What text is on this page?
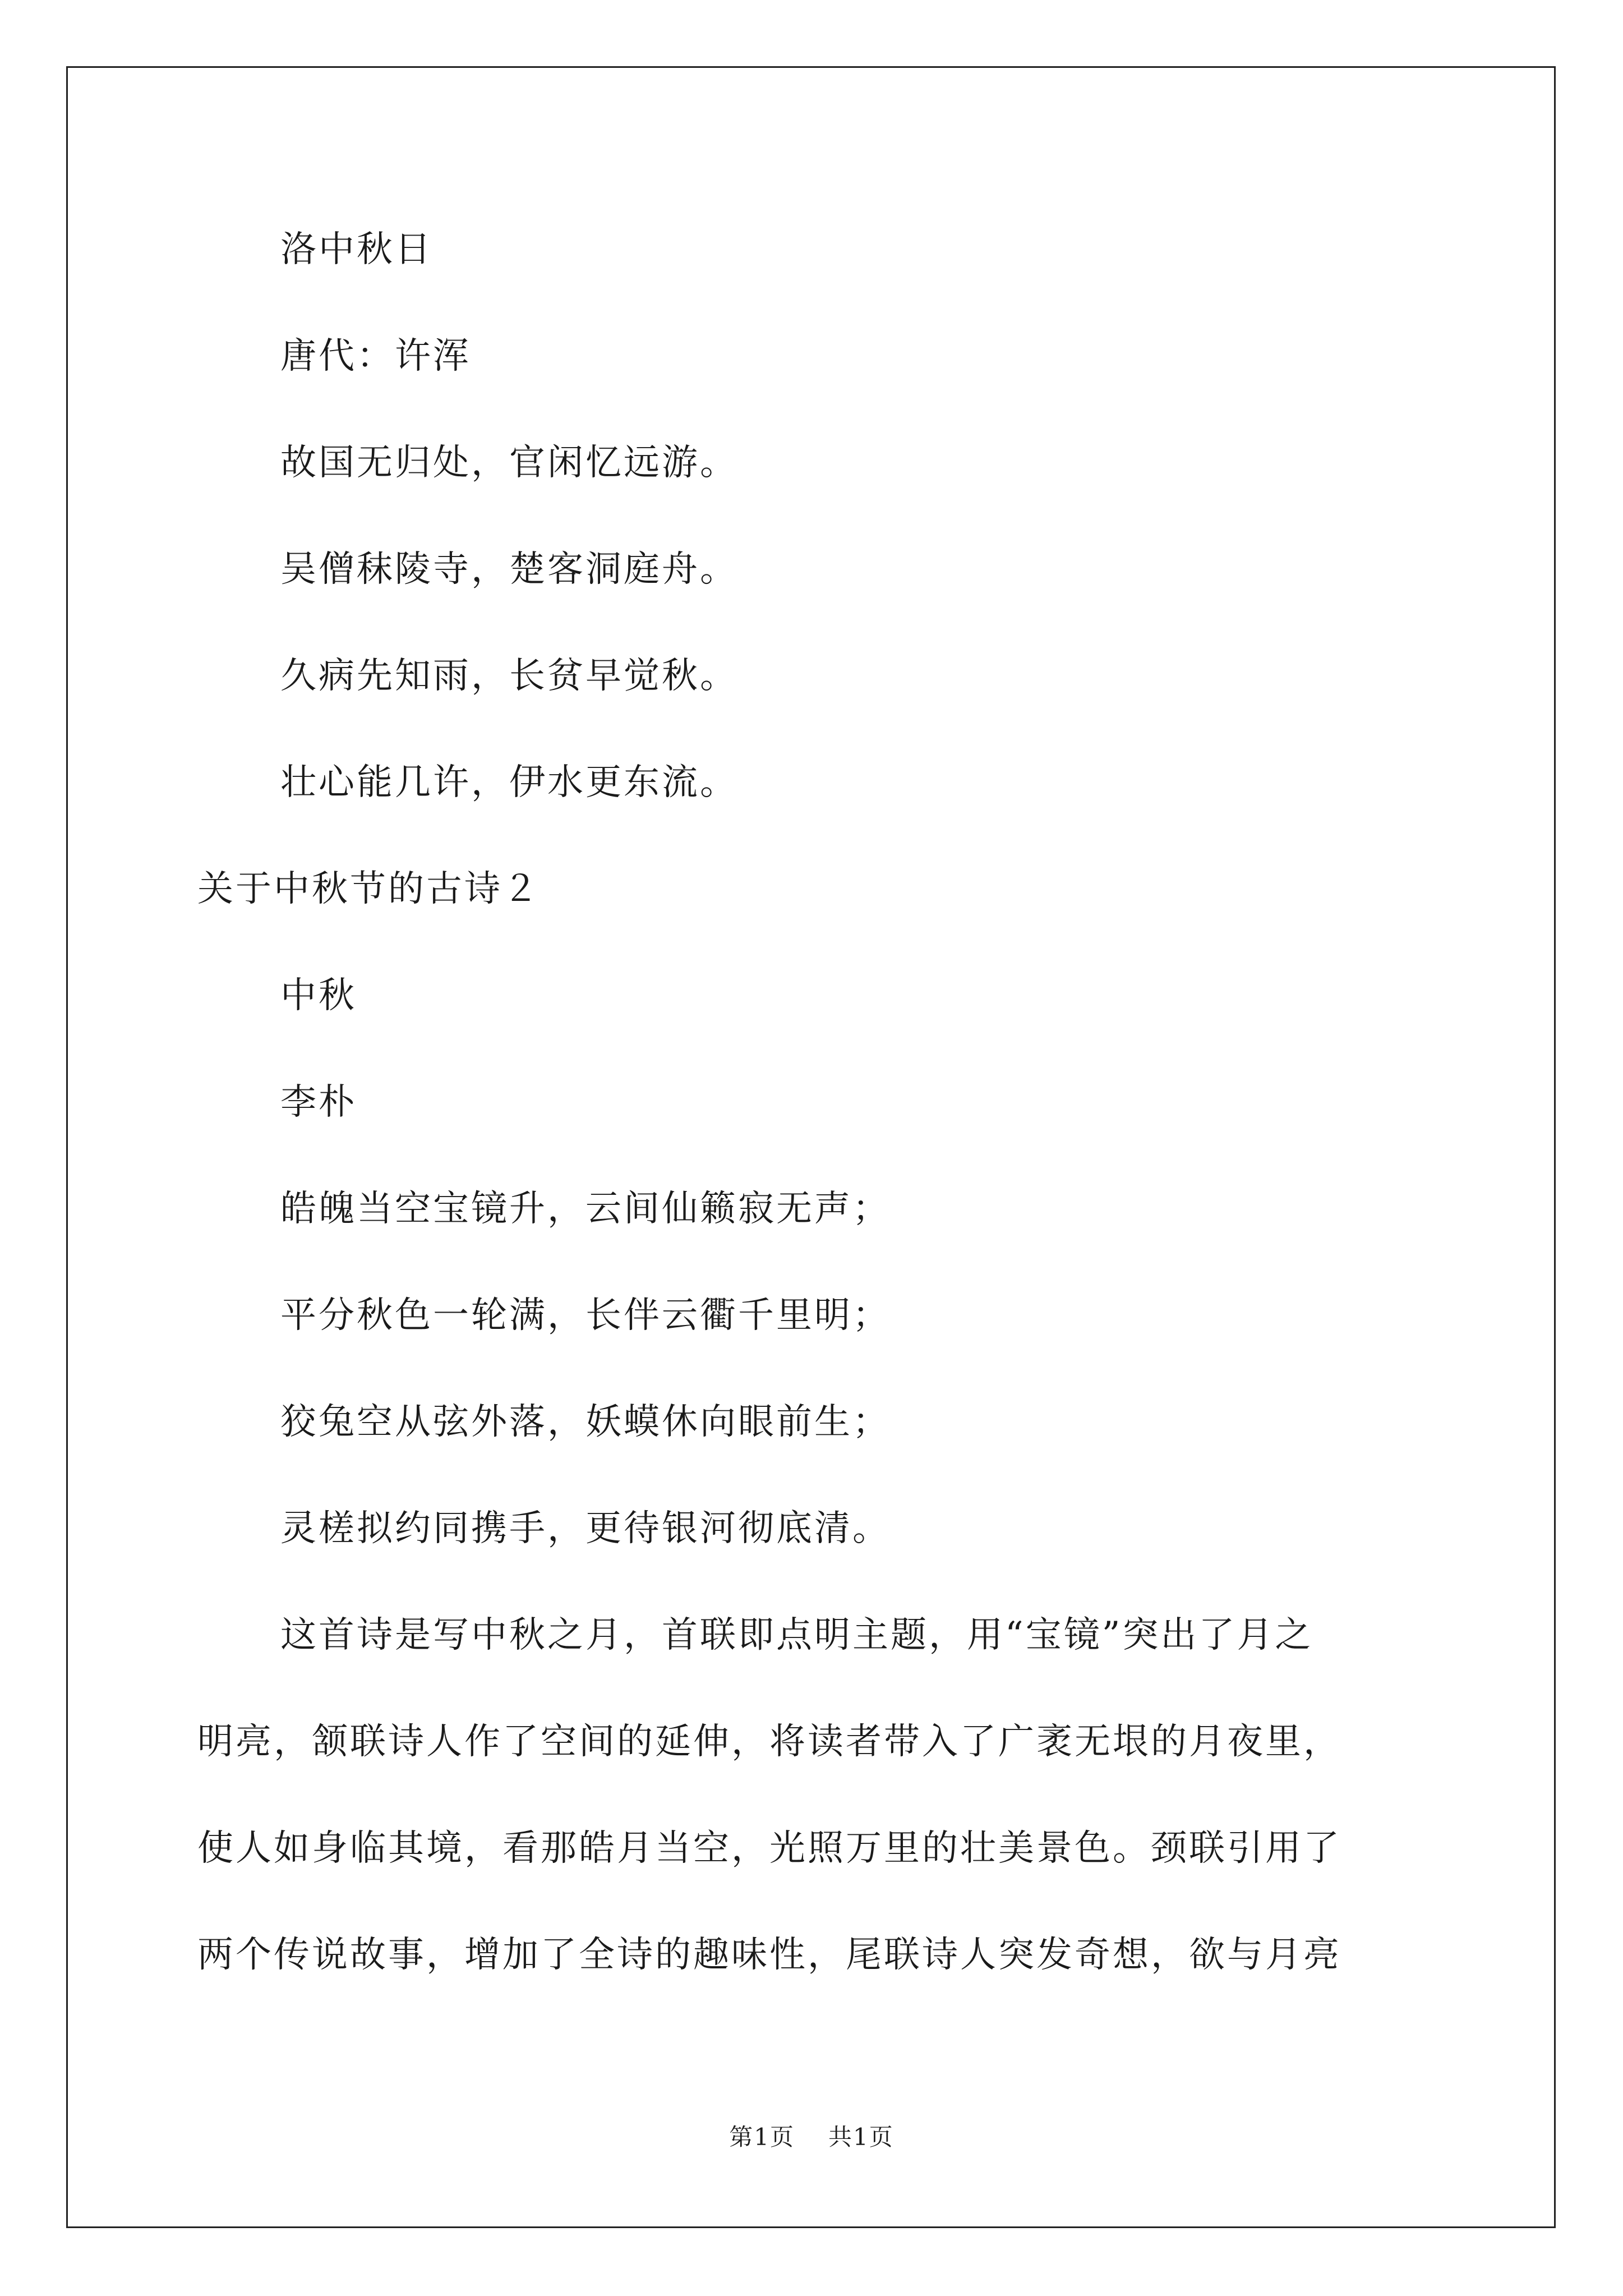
洛中秋日
唐代：许浑
故国无归处，官闲忆远游。
吴僧秣陵寺，楚客洞庭舟。
久病先知雨，长贫早觉秋。
壮心能几许，伊水更东流。
关于中秋节的古诗２
中秋
李朴
皓魄当空宝镜升，云间仙籁寂无声；
平分秋色一轮满，长伴云衢千里明；
狡兔空从弦外落，妖蟆休向眼前生；
灵槎拟约同携手，更待银河彻底清。
这首诗是写中秋之月，首联即点明主题，用“宝镜”突出了月之
明亮，颔联诗人作了空间的延伸，将读者带入了广袤无垠的月夜里，
使人如身临其境，看那皓月当空，光照万里的壮美景色。颈联引用了
两个传说故事，增加了全诗的趣味性，尾联诗人突发奇想，欲与月亮
第1页 共1页
